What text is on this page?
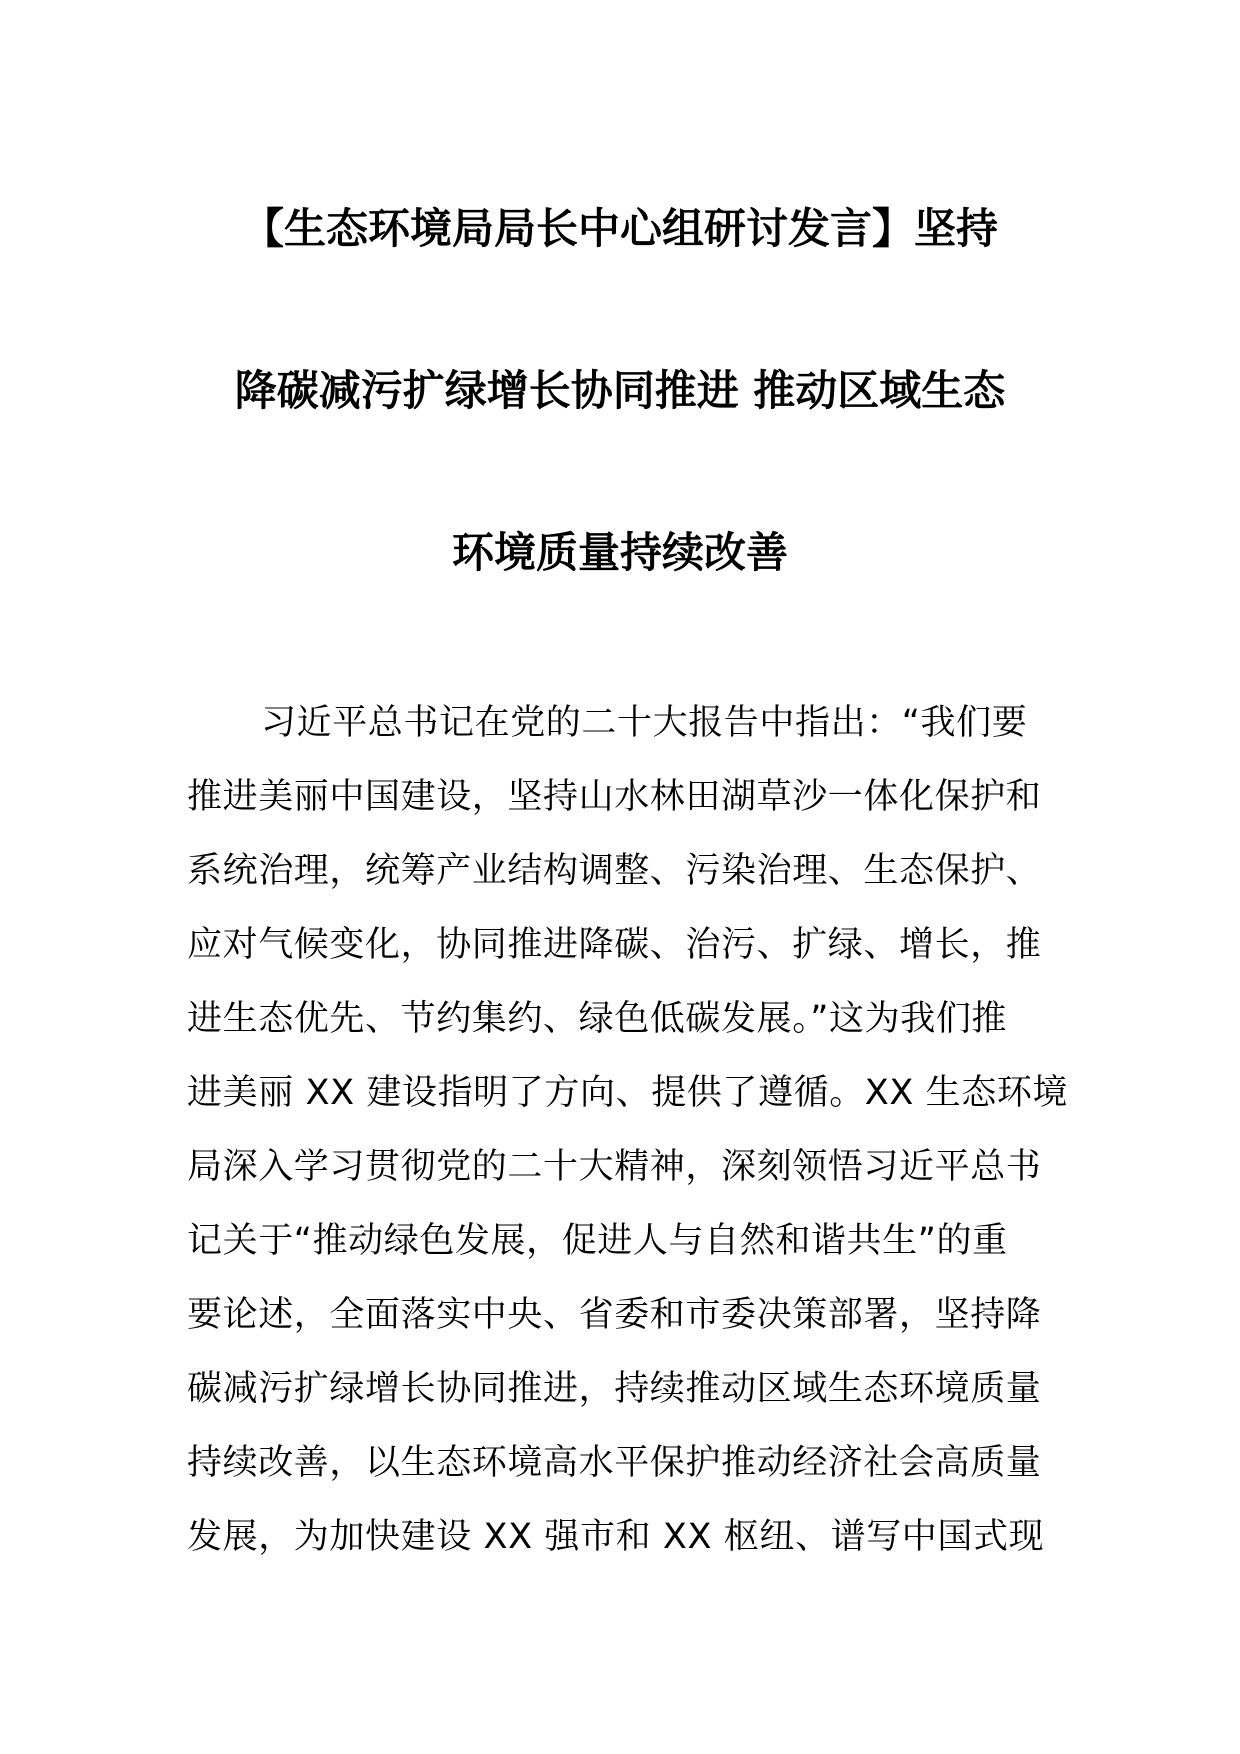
【生态环境局局长中心组研讨发言】坚持
降碳减污扩绿增长协同推进 推动区域生态
环境质量持续改善
习近平总书记在党的二十大报告中指出：“我们要
推进美丽中国建设，坚持山水林田湖草沙一体化保护和
系统治理，统筹产业结构调整、污染治理、生态保护、
应对气候变化，协同推进降碳、治污、扩绿、增长，推
进生态优先、节约集约、绿色低碳发展。”这为我们推
进美丽 XX 建设指明了方向、提供了遵循。XX 生态环境
局深入学习贯彻党的二十大精神，深刻领悟习近平总书
记关于“推动绿色发展，促进人与自然和谐共生”的重
要论述，全面落实中央、省委和市委决策部署，坚持降
碳减污扩绿增长协同推进，持续推动区域生态环境质量
持续改善，以生态环境高水平保护推动经济社会高质量
发展，为加快建设 XX 强市和 XX 枢纽、谱写中国式现
